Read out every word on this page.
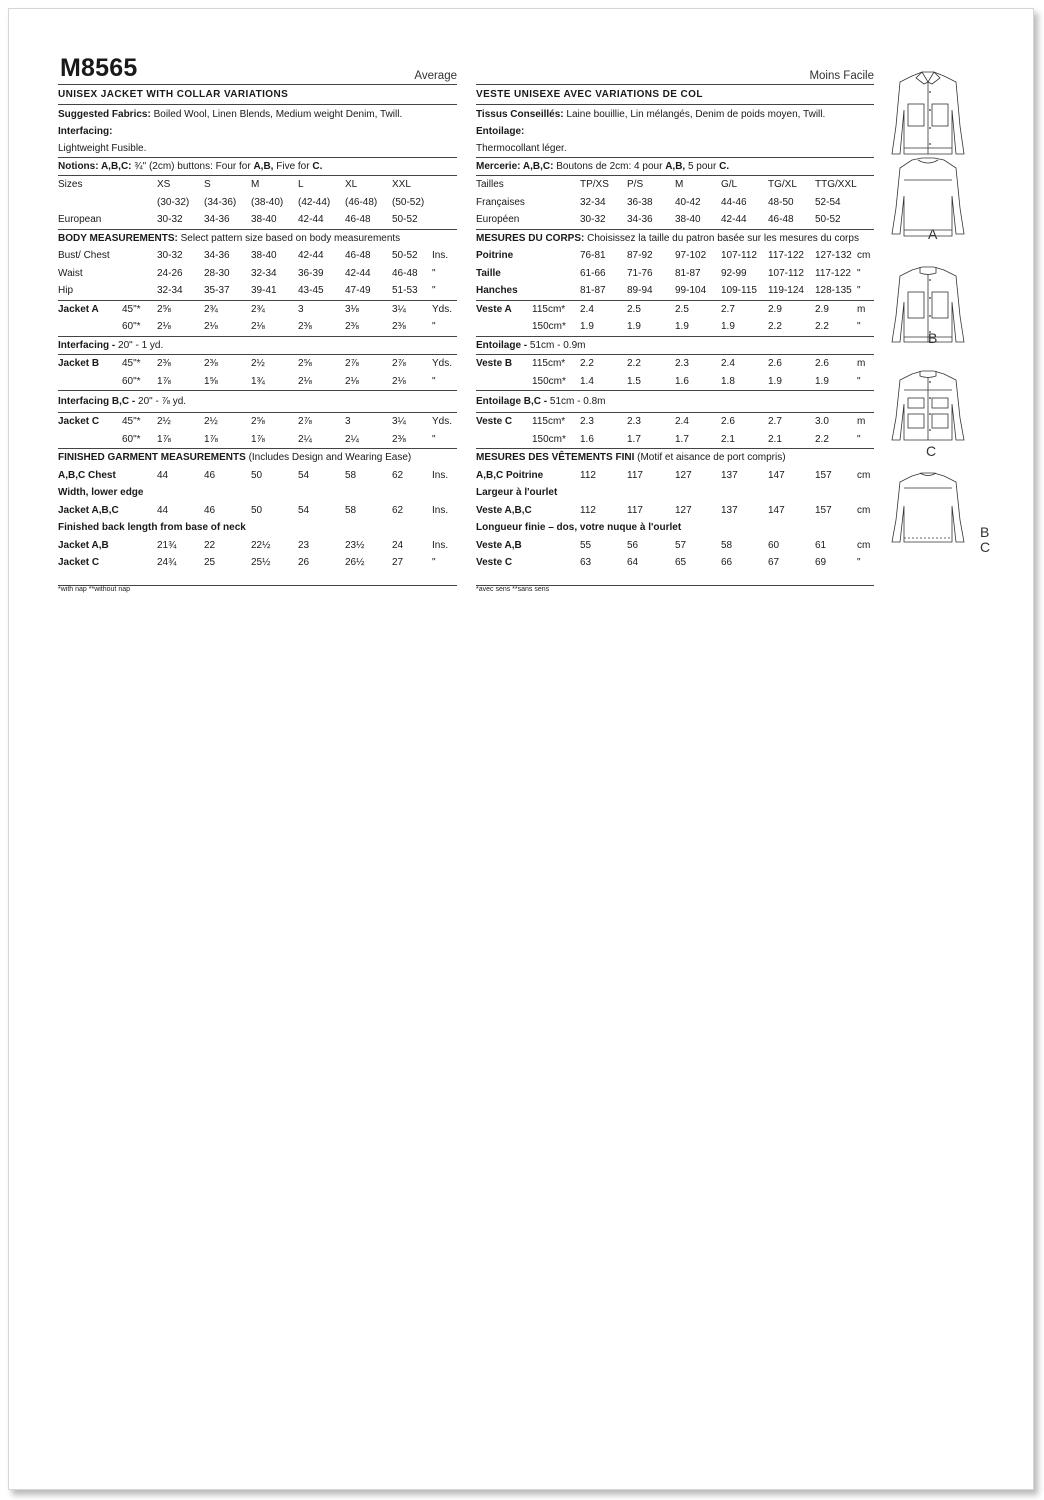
M8565	Average
UNISEX JACKET WITH COLLAR VARIATIONS
Suggested Fabrics: Boiled Wool, Linen Blends, Medium weight Denim, Twill. Interfacing:
Lightweight Fusible.
Notions: A,B,C: ¾" (2cm) buttons: Four for A,B, Five for C.
Sizes	XS	S	M	L	XL	XXL
(30-32) (34-36) (38-40) (42-44) (46-48) (50-52)
European	30-32 34-36 38-40 42-44 46-48 50-52
BODY MEASUREMENTS: Select pattern size based on body measurements
Bust/ Chest	30-32 34-36 38-40 42-44 46-48 50-52 Ins.
Waist	24-26 28-30 32-34 36-39 42-44 46-48 "
Hip	32-34 35-37 39-41 43-45 47-49 51-53 "
Jacket A 45"* 2⅝	2¾	2¾	3	3⅛	3¼	Yds.
60"* 2⅛	2⅛	2⅛	2⅜	2⅜	2⅜	"
Interfacing - 20" - 1 yd.
Jacket B 45"* 2⅜	2⅜	2½	2⅝	2⅞	2⅞	Yds.
60"* 1⅞	1⅝	1¾	2⅛	2⅛	2⅛	"
Interfacing B,C - 20" - ⅞ yd.
Jacket C 45"* 2½	2½	2⅝	2⅞	3	3¼	Yds.
60"* 1⅞	1⅞	1⅞	2¼	2¼	2⅜	"
FINISHED GARMENT MEASUREMENTS (Includes Design and Wearing Ease)
A,B,C Chest	44	46	50	54	58	62	Ins.
Width, lower edge
Jacket A,B,C	44	46	50	54	58	62	Ins.
Finished back length from base of neck
Jacket A,B	21¾	22	22½	23	23½	24	Ins.
Jacket C	24¾	25	25½	26	26½	27	"
*with nap **without nap
Moins Facile
VESTE UNISEXE AVEC VARIATIONS DE COL
Tissus Conseillés: Laine bouillie, Lin mélangés, Denim de poids moyen, Twill. Entoilage:
Thermocollant léger.
Mercerie: A,B,C: Boutons de 2cm: 4 pour A,B, 5 pour C.
Tailles	TP/XS P/S	M	G/L	TG/XL TTG/XXL
Françaises	32-34 36-38 40-42 44-46 48-50 52-54
Européen	30-32 34-36 38-40 42-44 46-48 50-52
MESURES DU CORPS: Choisissez la taille du patron basée sur les mesures du corps
Poitrine	76-81 87-92 97-102 107-112 117-122 127-132 cm
Taille	61-66 71-76 81-87 92-99 107-112 117-122 "
Hanches	81-87 89-94 99-104 109-115 119-124 128-135 "
Veste A 115cm* 2.4	2.5	2.5	2.7	2.9	2.9	m
150cm* 1.9	1.9	1.9	1.9	2.2	2.2	"
Entoilage - 51cm - 0.9m
Veste B 115cm* 2.2	2.2	2.3	2.4	2.6	2.6	m
150cm* 1.4	1.5	1.6	1.8	1.9	1.9	"
Entoilage B,C - 51cm - 0.8m
Veste C 115cm* 2.3	2.3	2.4	2.6	2.7	3.0	m
150cm* 1.6	1.7	1.7	2.1	2.1	2.2	"
MESURES DES VÊTEMENTS FINI (Motif et aisance de port compris)
A,B,C Poitrine	112	117	127	137	147	157	cm
Largeur à l'ourlet
Veste A,B,C	112	117	127	137	147	157	cm
Longueur finie – dos, votre nuque à l'ourlet
Veste A,B	55	56	57	58	60	61	cm
Veste C	63	64	65	66	67	69	"
*avec sens **sans sens
A
B
C
B
C
